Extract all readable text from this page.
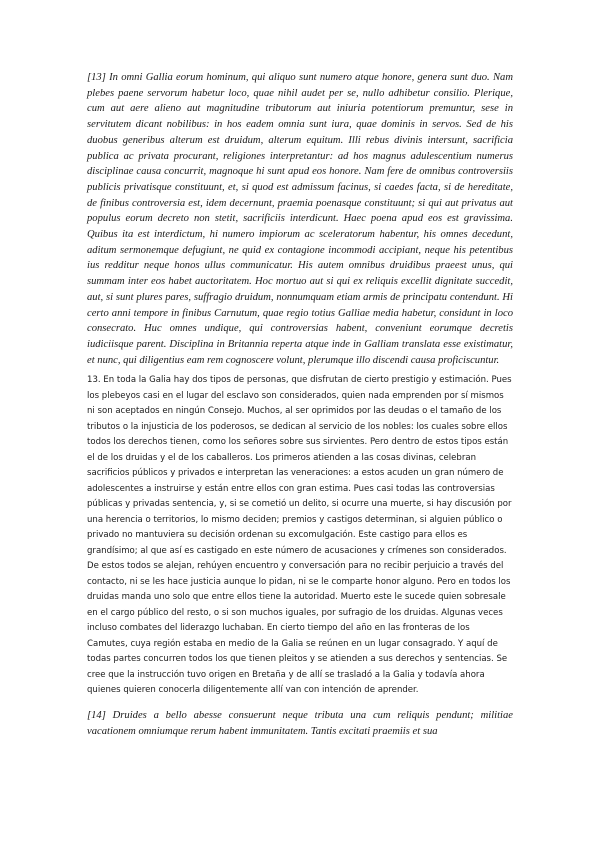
[13] In omni Gallia eorum hominum, qui aliquo sunt numero atque honore, genera sunt duo. Nam plebes paene servorum habetur loco, quae nihil audet per se, nullo adhibetur consilio. Plerique, cum aut aere alieno aut magnitudine tributorum aut iniuria potentiorum premuntur, sese in servitutem dicant nobilibus: in hos eadem omnia sunt iura, quae dominis in servos. Sed de his duobus generibus alterum est druidum, alterum equitum. Illi rebus divinis intersunt, sacrificia publica ac privata procurant, religiones interpretantur: ad hos magnus adulescentium numerus disciplinae causa concurrit, magnoque hi sunt apud eos honore. Nam fere de omnibus controversiis publicis privatisque constituunt, et, si quod est admissum facinus, si caedes facta, si de hereditate, de finibus controversia est, idem decernunt, praemia poenasque constituunt; si qui aut privatus aut populus eorum decreto non stetit, sacrificiis interdicunt. Haec poena apud eos est gravissima. Quibus ita est interdictum, hi numero impiorum ac sceleratorum habentur, his omnes decedunt, aditum sermonemque defugiunt, ne quid ex contagione incommodi accipiant, neque his petentibus ius redditur neque honos ullus communicatur. His autem omnibus druidibus praeest unus, qui summam inter eos habet auctoritatem. Hoc mortuo aut si qui ex reliquis excellit dignitate succedit, aut, si sunt plures pares, suffragio druidum, nonnumquam etiam armis de principatu contendunt. Hi certo anni tempore in finibus Carnutum, quae regio totius Galliae media habetur, considunt in loco consecrato. Huc omnes undique, qui controversias habent, conveniunt eorumque decretis iudiciisque parent. Disciplina in Britannia reperta atque inde in Galliam translata esse existimatur, et nunc, qui diligentius eam rem cognoscere volunt, plerumque illo discendi causa proficiscuntur.

13. En toda la Galia hay dos tipos de personas, que disfrutan de cierto prestigio y estimación. Pues los plebeyos casi en el lugar del esclavo son considerados, quien nada emprenden por sí mismos ni son aceptados en ningún Consejo. Muchos, al ser oprimidos por las deudas o el tamaño de los tributos o la injusticia de los poderosos, se dedican al servicio de los nobles: los cuales sobre ellos todos los derechos tienen, como los señores sobre sus sirvientes. Pero dentro de estos tipos están el de los druidas y el de los caballeros. Los primeros atienden a las cosas divinas, celebran sacrificios públicos y privados e interpretan las veneraciones: a estos acuden un gran número de adolescentes a instruirse y están entre ellos con gran estima. Pues casi todas las controversias públicas y privadas sentencia, y, si se cometió un delito, si ocurre una muerte, si hay discusión por una herencia o territorios, lo mismo deciden; premios y castigos determinan, si alguien público o privado no mantuviera su decisión ordenan su excomulgación. Este castigo para ellos es grandísimo; al que así es castigado en este número de acusaciones y crímenes son considerados. De estos todos se alejan, rehúyen encuentro y conversación para no recibir perjuicio a través del contacto, ni se les hace justicia aunque lo pidan, ni se le comparte honor alguno. Pero en todos los druidas manda uno solo que entre ellos tiene la autoridad. Muerto este le sucede quien sobresale en el cargo público del resto, o si son muchos iguales, por sufragio de los druidas. Algunas veces incluso combates del liderazgo luchaban. En cierto tiempo del año en las fronteras de los Camutes, cuya región estaba en medio de la Galia se reúnen en un lugar consagrado. Y aquí de todas partes concurren todos los que tienen pleitos y se atienden a sus derechos y sentencias. Se cree que la instrucción tuvo origen en Bretaña y de allí se trasladó a la Galia y todavía ahora quienes quieren conocerla diligentemente allí van con intención de aprender.

[14] Druides a bello abesse consuerunt neque tributa una cum reliquis pendunt; militiae vacationem omniumque rerum habent immunitatem. Tantis excitati praemiis et sua
